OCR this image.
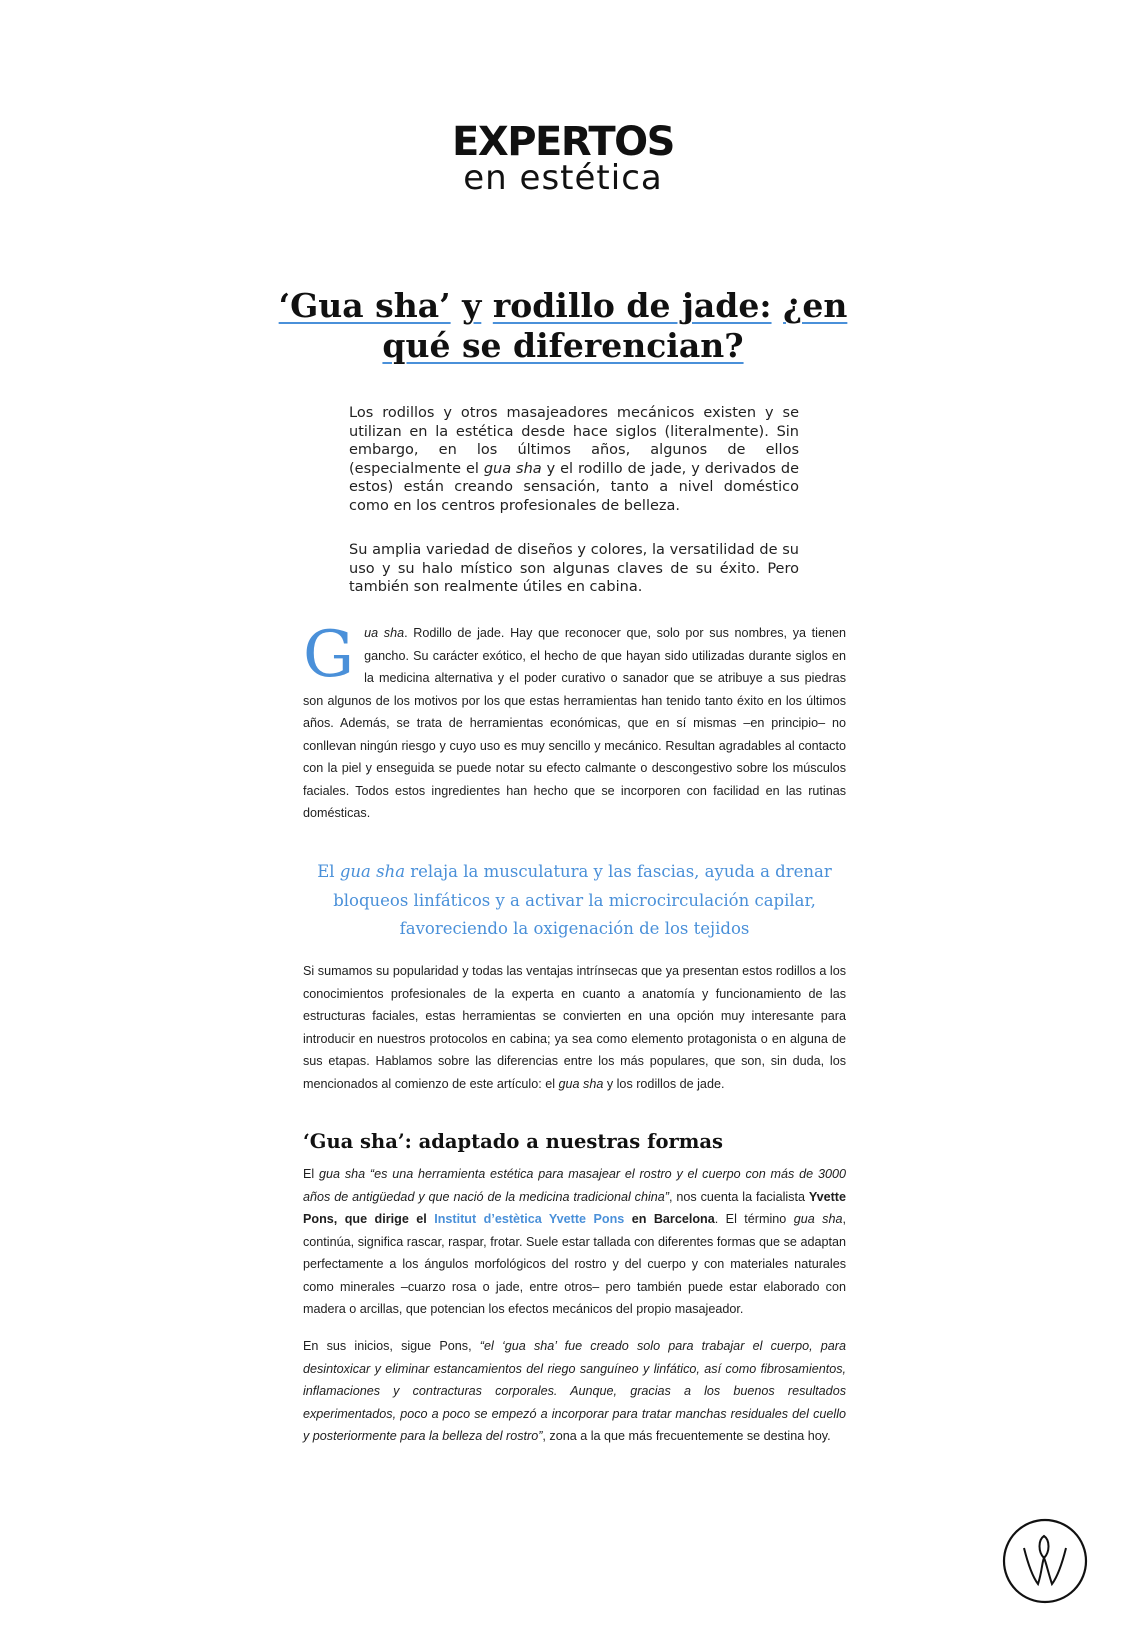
EXPERTOS
en estética
‘Gua sha’ y rodillo de jade: ¿en qué se diferencian?

Los rodillos y otros masajeadores mecánicos existen y se utilizan en la estética desde hace siglos (literalmente). Sin embargo, en los últimos años, algunos de ellos (especialmente el gua sha y el rodillo de jade, y derivados de estos) están creando sensación, tanto a nivel doméstico como en los centros profesionales de belleza.

Su amplia variedad de diseños y colores, la versatilidad de su uso y su halo místico son algunas claves de su éxito. Pero también son realmente útiles en cabina.

Gua sha. Rodillo de jade. Hay que reconocer que, solo por sus nombres, ya tienen gancho. Su carácter exótico, el hecho de que hayan sido utilizadas durante siglos en la medicina alternativa y el poder curativo o sanador que se atribuye a sus piedras son algunos de los motivos por los que estas herramientas han tenido tanto éxito en los últimos años. Además, se trata de herramientas económicas, que en sí mismas –en principio– no conllevan ningún riesgo y cuyo uso es muy sencillo y mecánico. Resultan agradables al contacto con la piel y enseguida se puede notar su efecto calmante o descongestivo sobre los músculos faciales. Todos estos ingredientes han hecho que se incorporen con facilidad en las rutinas domésticas.

El gua sha relaja la musculatura y las fascias, ayuda a drenar bloqueos linfáticos y a activar la microcirculación capilar, favoreciendo la oxigenación de los tejidos

Si sumamos su popularidad y todas las ventajas intrínsecas que ya presentan estos rodillos a los conocimientos profesionales de la experta en cuanto a anatomía y funcionamiento de las estructuras faciales, estas herramientas se convierten en una opción muy interesante para introducir en nuestros protocolos en cabina; ya sea como elemento protagonista o en alguna de sus etapas. Hablamos sobre las diferencias entre los más populares, que son, sin duda, los mencionados al comienzo de este artículo: el gua sha y los rodillos de jade.

‘Gua sha’: adaptado a nuestras formas

El gua sha “es una herramienta estética para masajear el rostro y el cuerpo con más de 3000 años de antigüedad y que nació de la medicina tradicional china”, nos cuenta la facialista Yvette Pons, que dirige el Institut d’estètica Yvette Pons en Barcelona. El término gua sha, continúa, significa rascar, raspar, frotar. Suele estar tallada con diferentes formas que se adaptan perfectamente a los ángulos morfológicos del rostro y del cuerpo y con materiales naturales como minerales –cuarzo rosa o jade, entre otros– pero también puede estar elaborado con madera o arcillas, que potencian los efectos mecánicos del propio masajeador.

En sus inicios, sigue Pons, “el ‘gua sha’ fue creado solo para trabajar el cuerpo, para desintoxicar y eliminar estancamientos del riego sanguíneo y linfático, así como fibrosamientos, inflamaciones y contracturas corporales. Aunque, gracias a los buenos resultados experimentados, poco a poco se empezó a incorporar para tratar manchas residuales del cuello y posteriormente para la belleza del rostro”, zona a la que más frecuentemente se destina hoy.
